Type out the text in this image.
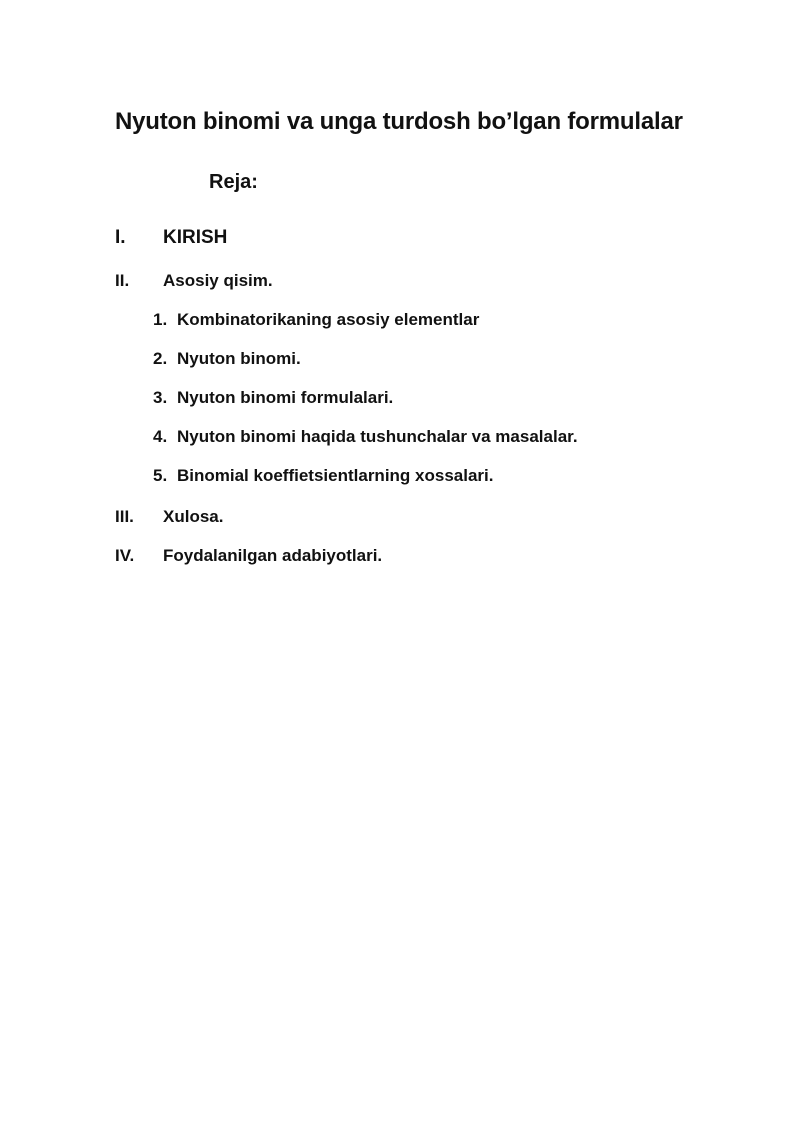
Nyuton binomi va unga turdosh bo’lgan formulalar
Reja:
I. KIRISH
II. Asosiy qisim.
1. Kombinatorikaning asosiy elementlar
2. Nyuton binomi.
3. Nyuton binomi formulalari.
4. Nyuton binomi haqida tushunchalar va masalalar.
5. Binomial koeffietsientlarning xossalari.
III. Xulosa.
IV. Foydalanilgan adabiyotlari.
